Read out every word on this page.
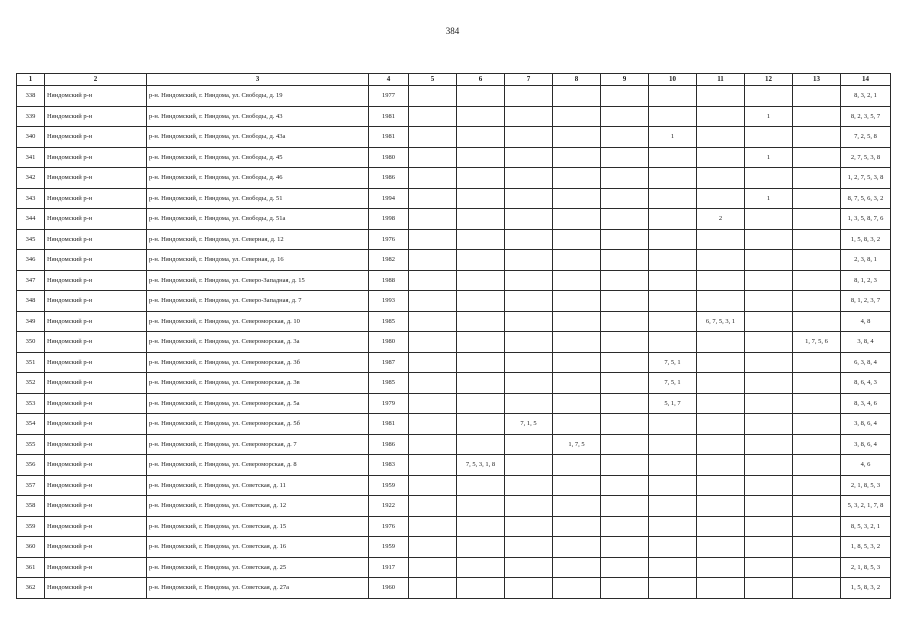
384
1	2	3	4	5	6	7	8	9	10	11	12	13	14
338	Няндомский р-н	р-н. Няндомский, г. Няндома, ул. Свободы, д. 19	1977										8, 3, 2, 1
339	Няндомский р-н	р-н. Няндомский, г. Няндома, ул. Свободы, д. 43	1981								1		8, 2, 3, 5, 7
340	Няндомский р-н	р-н. Няндомский, г. Няндома, ул. Свободы, д. 43а	1981						1				7, 2, 5, 8
341	Няндомский р-н	р-н. Няндомский, г. Няндома, ул. Свободы, д. 45	1980								1		2, 7, 5, 3, 8
342	Няндомский р-н	р-н. Няндомский, г. Няндома, ул. Свободы, д. 46	1986										1, 2, 7, 5, 3, 8
343	Няндомский р-н	р-н. Няндомский, г. Няндома, ул. Свободы, д. 51	1994								1		8, 7, 5, 6, 3, 2
344	Няндомский р-н	р-н. Няндомский, г. Няндома, ул. Свободы, д. 51а	1998							2			1, 3, 5, 8, 7, 6
345	Няндомский р-н	р-н. Няндомский, г. Няндома, ул. Северная, д. 12	1976										1, 5, 8, 3, 2
346	Няндомский р-н	р-н. Няндомский, г. Няндома, ул. Северная, д. 16	1982										2, 3, 8, 1
347	Няндомский р-н	р-н. Няндомский, г. Няндома, ул. Северо-Западная, д. 15	1988										8, 1, 2, 3
348	Няндомский р-н	р-н. Няндомский, г. Няндома, ул. Северо-Западная, д. 7	1993										8, 1, 2, 3, 7
349	Няндомский р-н	р-н. Няндомский, г. Няндома, ул. Североморская, д. 10	1985							6, 7, 5, 3, 1			4, 8
350	Няндомский р-н	р-н. Няндомский, г. Няндома, ул. Североморская, д. 3а	1980									1, 7, 5, 6	3, 8, 4
351	Няндомский р-н	р-н. Няндомский, г. Няндома, ул. Североморская, д. 3б	1987						7, 5, 1				6, 3, 8, 4
352	Няндомский р-н	р-н. Няндомский, г. Няндома, ул. Североморская, д. 3в	1985						7, 5, 1				8, 6, 4, 3
353	Няндомский р-н	р-н. Няндомский, г. Няндома, ул. Североморская, д. 5а	1979						5, 1, 7				8, 3, 4, 6
354	Няндомский р-н	р-н. Няндомский, г. Няндома, ул. Североморская, д. 5б	1981			7, 1, 5							3, 8, 6, 4
355	Няндомский р-н	р-н. Няндомский, г. Няндома, ул. Североморская, д. 7	1986				1, 7, 5						3, 8, 6, 4
356	Няндомский р-н	р-н. Няндомский, г. Няндома, ул. Североморская, д. 8	1983		7, 5, 3, 1, 8								4, 6
357	Няндомский р-н	р-н. Няндомский, г. Няндома, ул. Советская, д. 11	1959										2, 1, 8, 5, 3
358	Няндомский р-н	р-н. Няндомский, г. Няндома, ул. Советская, д. 12	1922										5, 3, 2, 1, 7, 8
359	Няндомский р-н	р-н. Няндомский, г. Няндома, ул. Советская, д. 15	1976										8, 5, 3, 2, 1
360	Няндомский р-н	р-н. Няндомский, г. Няндома, ул. Советская, д. 16	1959										1, 8, 5, 3, 2
361	Няндомский р-н	р-н. Няндомский, г. Няндома, ул. Советская, д. 25	1917										2, 1, 8, 5, 3
362	Няндомский р-н	р-н. Няндомский, г. Няндома, ул. Советская, д. 27а	1960										1, 5, 8, 3, 2
